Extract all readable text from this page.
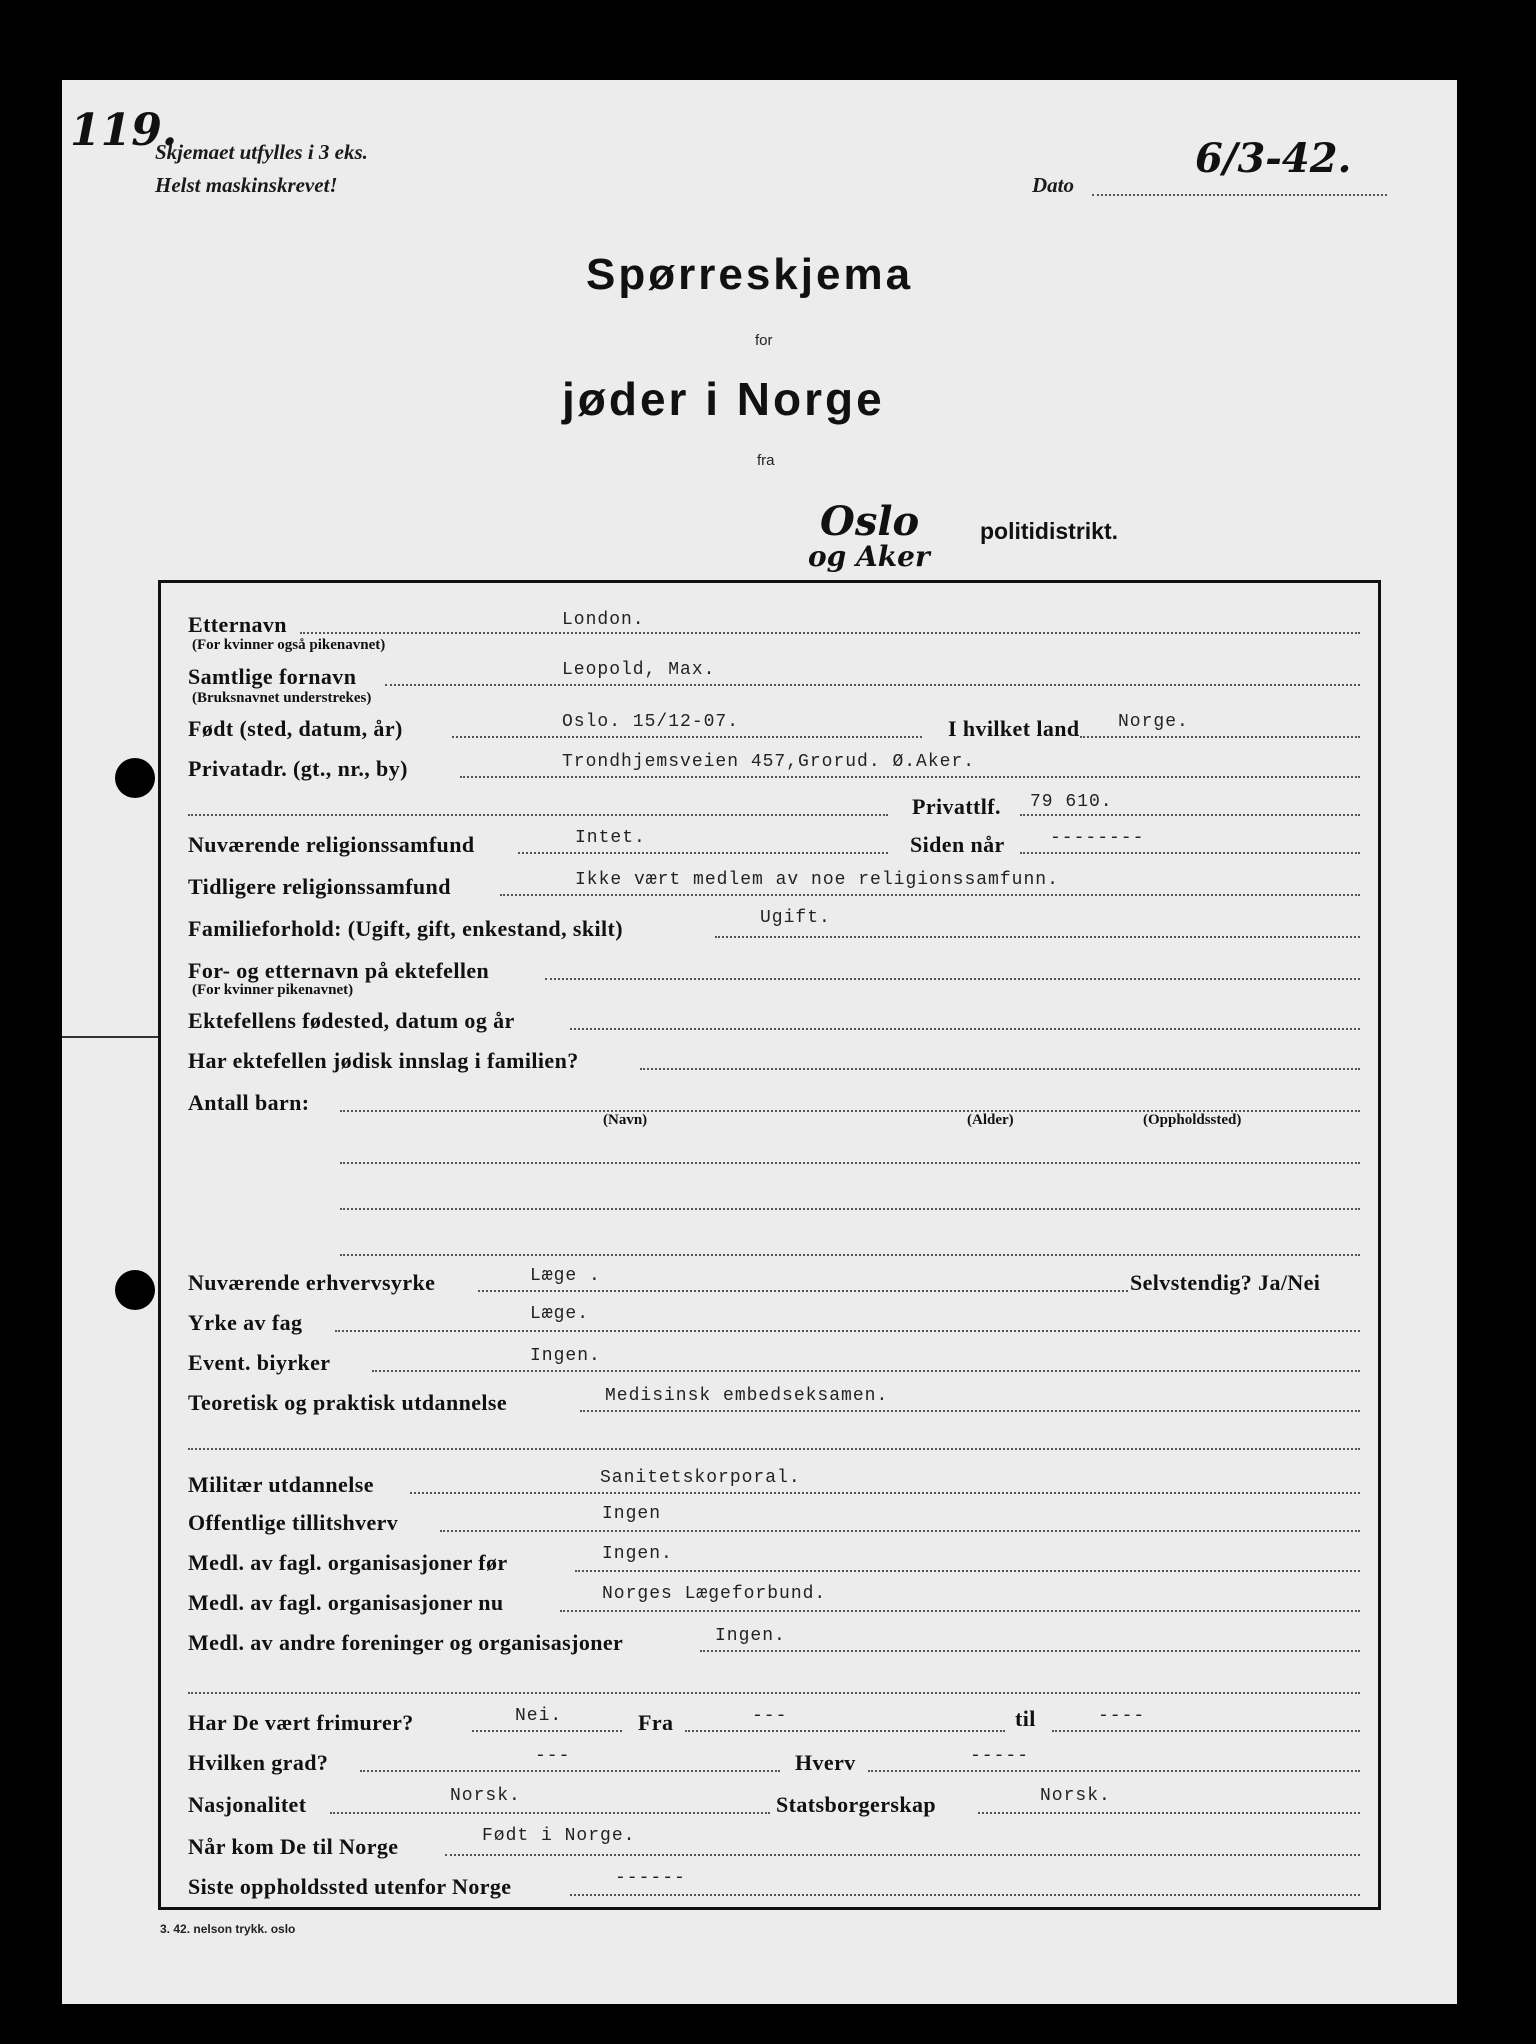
119.
Skjemaet utfylles i 3 eks.
Helst maskinskrevet!	Dato
6/3-42.
Spørreskjema
for
jøder i Norge
fra
Oslo
og Aker
politidistrikt.
Etternavn
(For kvinner også pikenavnet)
London.
Samtlige fornavn
(Bruksnavnet understrekes)
Leopold, Max.
Født (sted, datum, år)	Oslo. 15/12-07.	I hvilket land Norge.
Privatadr. (gt., nr., by)	Trondhjemsveien 457,Grorud. Ø.Aker.
Privattlf. 79 610.
Nuværende religionssamfund	Intet.	Siden når	--------
Tidligere religionssamfund	Ikke vært medlem av noe religionssamfunn.
Familieforhold: (Ugift, gift, enkestand, skilt)	Ugift.
For- og etternavn på ektefellen
(For kvinner pikenavnet)
Ektefellens fødested, datum og år
Har ektefellen jødisk innslag i familien?
Antall barn:
(Navn)	(Alder)	(Oppholdssted)
Nuværende erhvervsyrke	Læge .	Selvstendig? Ja/Nei
Yrke av fag	Læge.
Event. biyrker	Ingen.
Teoretisk og praktisk utdannelse	Medisinsk embedseksamen.
Militær utdannelse	Sanitetskorporal.
Offentlige tillitshverv	Ingen
Medl. av fagl. organisasjoner før	Ingen.
Medl. av fagl. organisasjoner nu	Norges Lægeforbund.
Medl. av andre foreninger og organisasjoner	Ingen.
Har De vært frimurer?	Nei.	Fra	---	til	----
Hvilken grad?	---	Hverv	-----
Nasjonalitet	Norsk.	Statsborgerskap	Norsk.
Når kom De til Norge	Født i Norge.
Siste oppholdssted utenfor Norge	------
3. 42. nelson trykk. oslo
